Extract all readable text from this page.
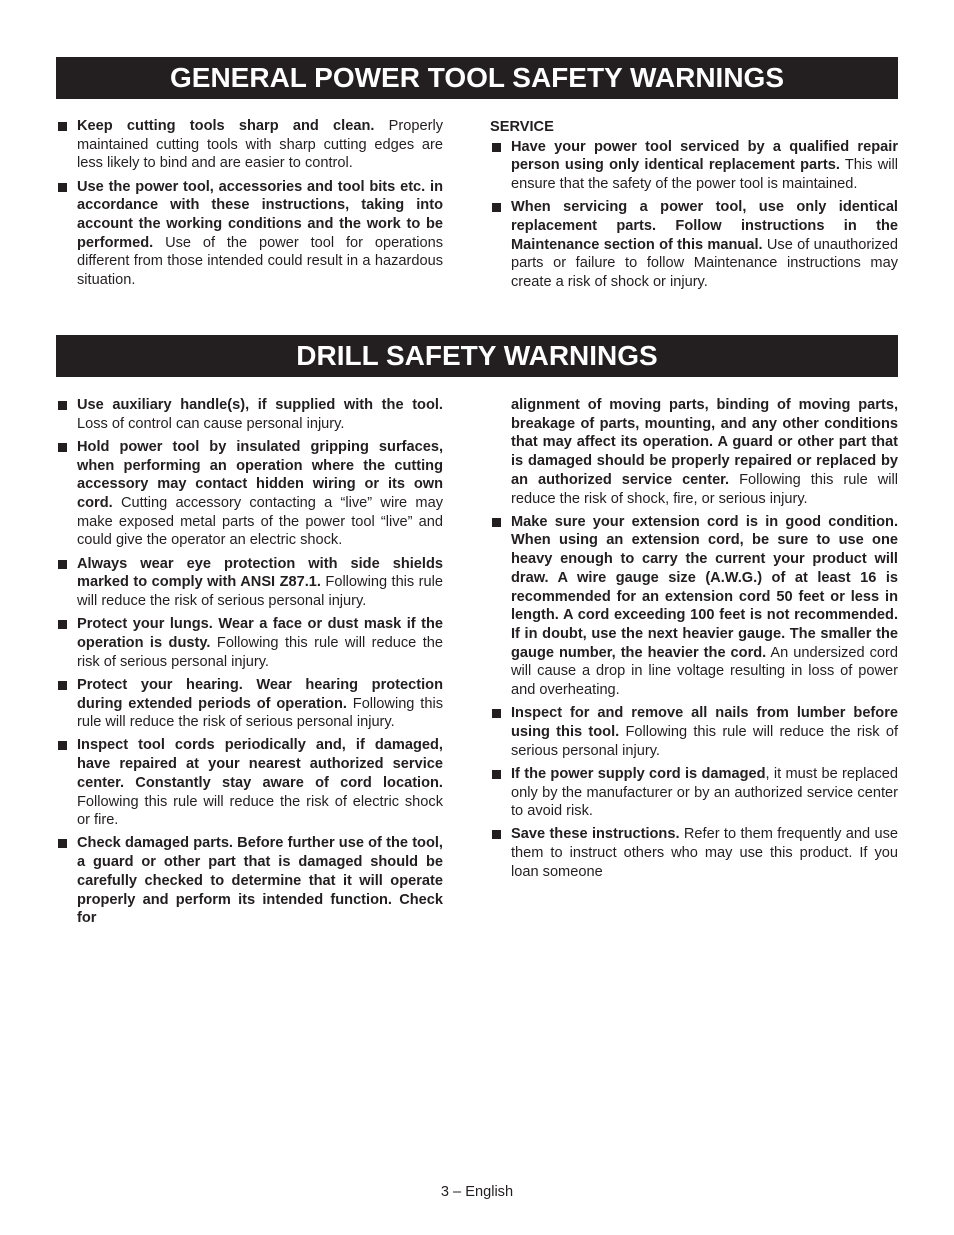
GENERAL POWER TOOL SAFETY WARNINGS
Keep cutting tools sharp and clean. Properly maintained cutting tools with sharp cutting edges are less likely to bind and are easier to control.
Use the power tool, accessories and tool bits etc. in accordance with these instructions, taking into account the working conditions and the work to be performed. Use of the power tool for operations different from those intended could result in a hazardous situation.
SERVICE
Have your power tool serviced by a qualified repair person using only identical replacement parts. This will ensure that the safety of the power tool is maintained.
When servicing a power tool, use only identical replacement parts. Follow instructions in the Maintenance section of this manual. Use of unauthorized parts or failure to follow Maintenance instructions may create a risk of shock or injury.
DRILL SAFETY WARNINGS
Use auxiliary handle(s), if supplied with the tool. Loss of control can cause personal injury.
Hold power tool by insulated gripping surfaces, when performing an operation where the cutting accessory may contact hidden wiring or its own cord. Cutting accessory contacting a “live” wire may make exposed metal parts of the power tool “live” and could give the operator an electric shock.
Always wear eye protection with side shields marked to comply with ANSI Z87.1. Following this rule will reduce the risk of serious personal injury.
Protect your lungs. Wear a face or dust mask if the operation is dusty. Following this rule will reduce the risk of serious personal injury.
Protect your hearing. Wear hearing protection during extended periods of operation. Following this rule will reduce the risk of serious personal injury.
Inspect tool cords periodically and, if damaged, have repaired at your nearest authorized service center. Constantly stay aware of cord location. Following this rule will reduce the risk of electric shock or fire.
Check damaged parts. Before further use of the tool, a guard or other part that is damaged should be carefully checked to determine that it will operate properly and perform its intended function. Check for
alignment of moving parts, binding of moving parts, breakage of parts, mounting, and any other conditions that may affect its operation. A guard or other part that is damaged should be properly repaired or replaced by an authorized service center. Following this rule will reduce the risk of shock, fire, or serious injury.
Make sure your extension cord is in good condition. When using an extension cord, be sure to use one heavy enough to carry the current your product will draw. A wire gauge size (A.W.G.) of at least 16 is recommended for an extension cord 50 feet or less in length. A cord exceeding 100 feet is not recommended. If in doubt, use the next heavier gauge. The smaller the gauge number, the heavier the cord. An undersized cord will cause a drop in line voltage resulting in loss of power and overheating.
Inspect for and remove all nails from lumber before using this tool. Following this rule will reduce the risk of serious personal injury.
If the power supply cord is damaged, it must be replaced only by the manufacturer or by an authorized service center to avoid risk.
Save these instructions. Refer to them frequently and use them to instruct others who may use this product. If you loan someone
3 – English
